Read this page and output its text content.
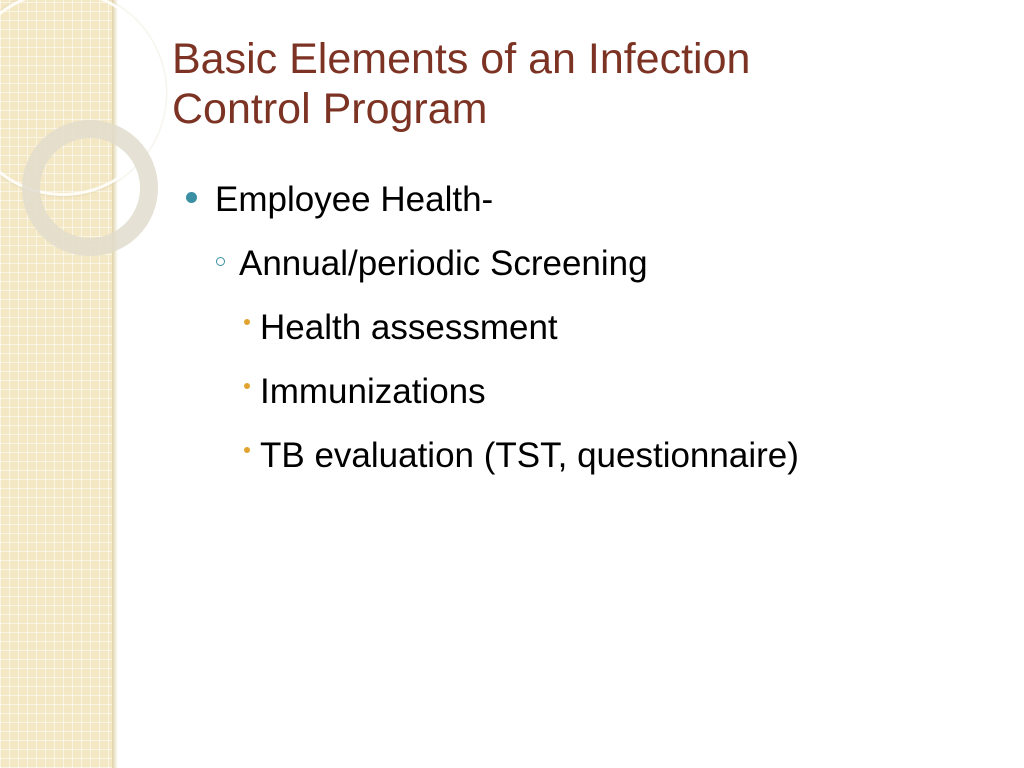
Basic Elements of an Infection
Control Program
Employee Health-
Annual/periodic Screening
Health assessment
Immunizations
TB evaluation (TST, questionnaire)
